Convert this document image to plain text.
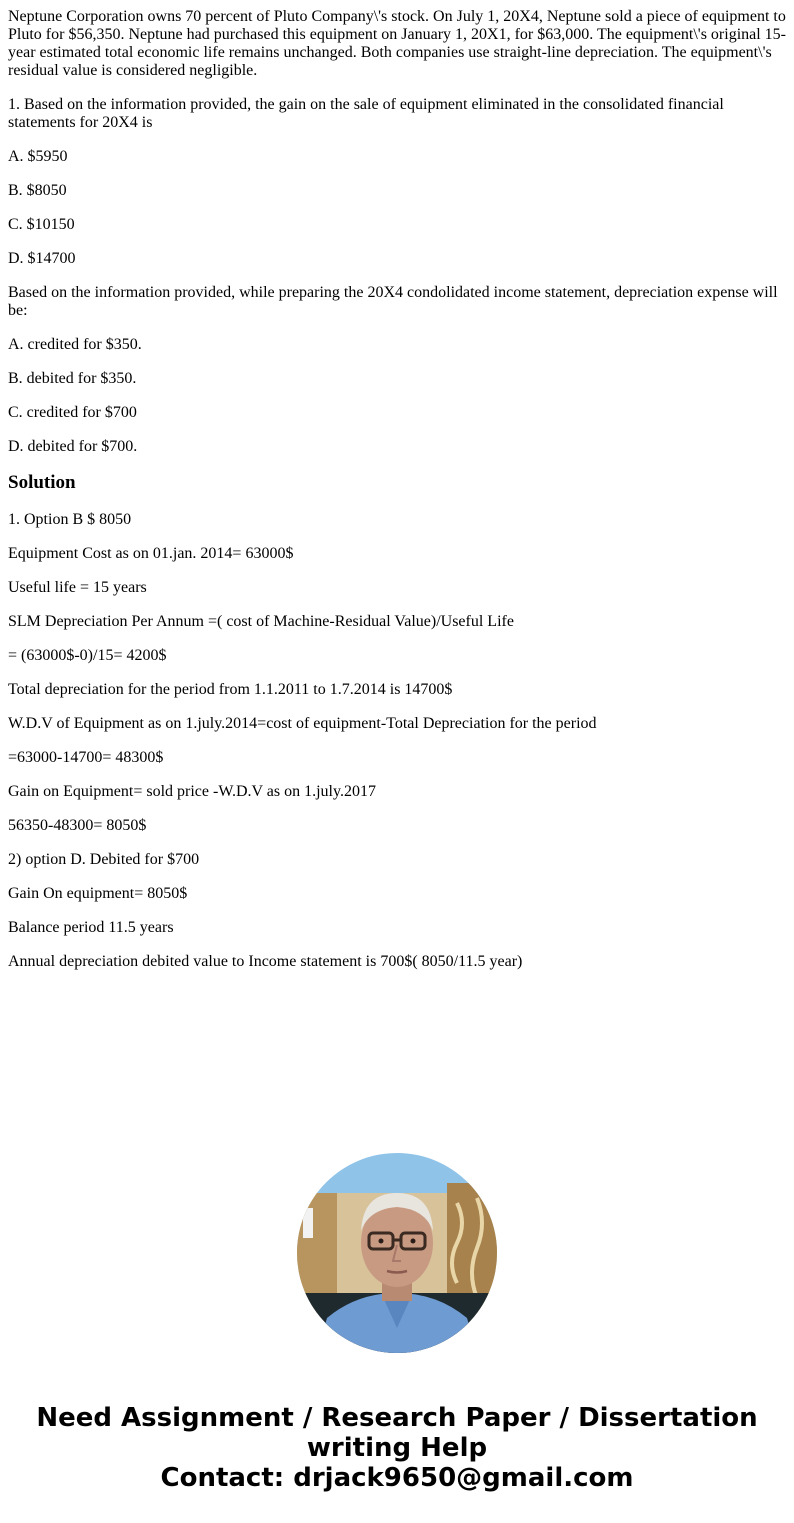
Neptune Corporation owns 70 percent of Pluto Company\'s stock. On July 1, 20X4, Neptune sold a piece of equipment to Pluto for $56,350. Neptune had purchased this equipment on January 1, 20X1, for $63,000. The equipment\'s original 15-year estimated total economic life remains unchanged. Both companies use straight-line depreciation. The equipment\'s residual value is considered negligible.

1. Based on the information provided, the gain on the sale of equipment eliminated in the consolidated financial statements for 20X4 is

A. $5950

B. $8050

C. $10150

D. $14700

Based on the information provided, while preparing the 20X4 condolidated income statement, depreciation expense will be:

A. credited for $350.

B. debited for $350.

C. credited for $700

D. debited for $700.

Solution

1. Option B $ 8050

Equipment Cost as on 01.jan. 2014= 63000$

Useful life = 15 years

SLM Depreciation Per Annum =( cost of Machine-Residual Value)/Useful Life

= (63000$-0)/15= 4200$

Total depreciation for the period from 1.1.2011 to 1.7.2014 is 14700$

W.D.V of Equipment as on 1.july.2014=cost of equipment-Total Depreciation for the period

=63000-14700= 48300$

Gain on Equipment= sold price -W.D.V as on 1.july.2017

56350-48300= 8050$

2) option D. Debited for $700

Gain On equipment= 8050$

Balance period 11.5 years

Annual depreciation debited value to Income statement is 700$( 8050/11.5 year)

Need Assignment / Research Paper / Dissertation
writing Help
Contact: drjack9650@gmail.com
